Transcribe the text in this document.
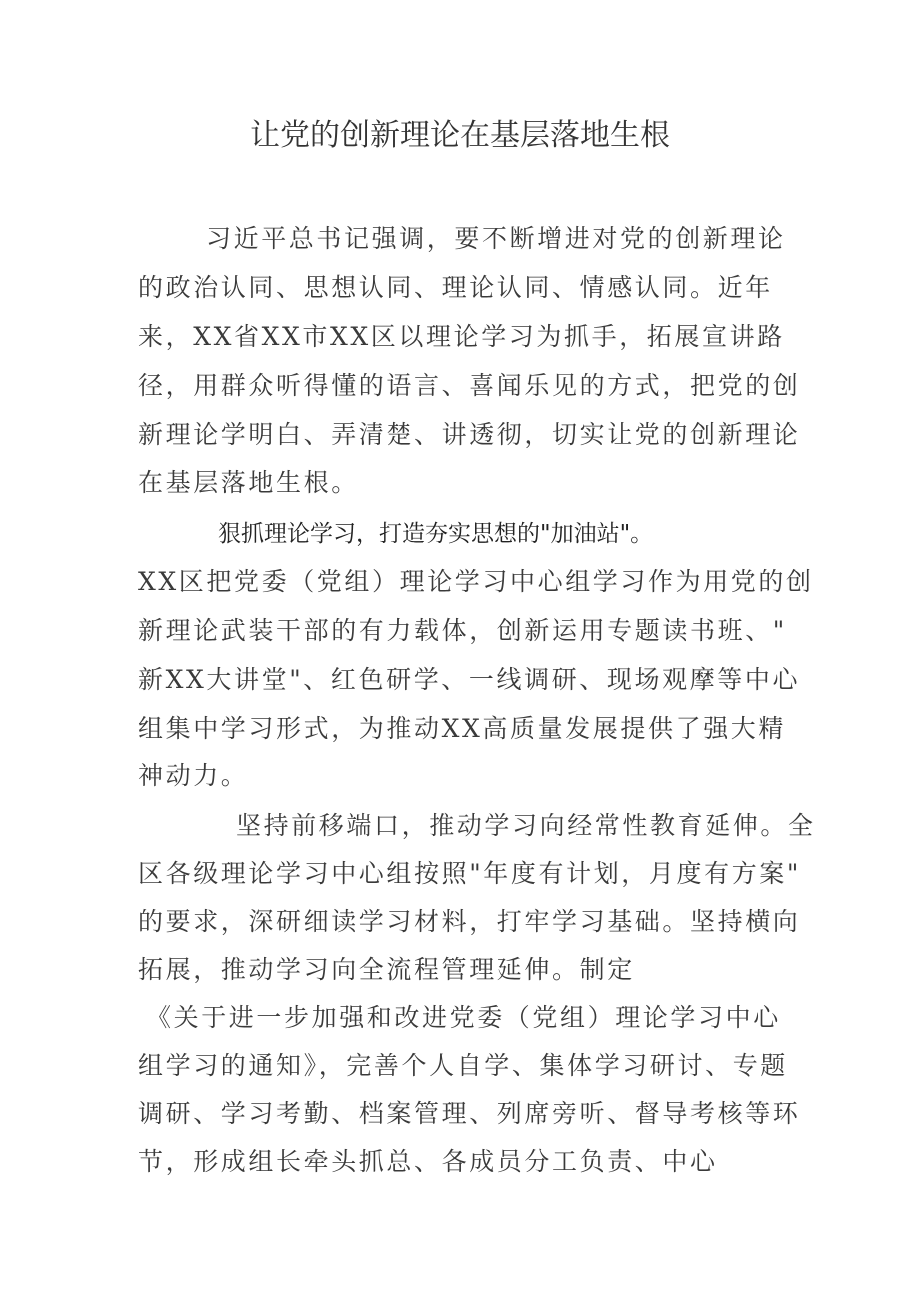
让党的创新理论在基层落地生根
习近平总书记强调，要不断增进对党的创新理论
的政治认同、思想认同、理论认同、情感认同。近年
来，XX省XX市XX区以理论学习为抓手，拓展宣讲路
径，用群众听得懂的语言、喜闻乐见的方式，把党的创
新理论学明白、弄清楚、讲透彻，切实让党的创新理论
在基层落地生根。
狠抓理论学习，打造夯实思想的"加油站"。
XX区把党委（党组）理论学习中心组学习作为用党的创
新理论武装干部的有力载体，创新运用专题读书班、"
新XX大讲堂"、红色研学、一线调研、现场观摩等中心
组集中学习形式，为推动XX高质量发展提供了强大精
神动力。
坚持前移端口，推动学习向经常性教育延伸。全
区各级理论学习中心组按照"年度有计划，月度有方案"
的要求，深研细读学习材料，打牢学习基础。坚持横向
拓展，推动学习向全流程管理延伸。制定
《关于进一步加强和改进党委（党组）理论学习中心
组学习的通知》，完善个人自学、集体学习研讨、专题
调研、学习考勤、档案管理、列席旁听、督导考核等环
节，形成组长牵头抓总、各成员分工负责、中心
